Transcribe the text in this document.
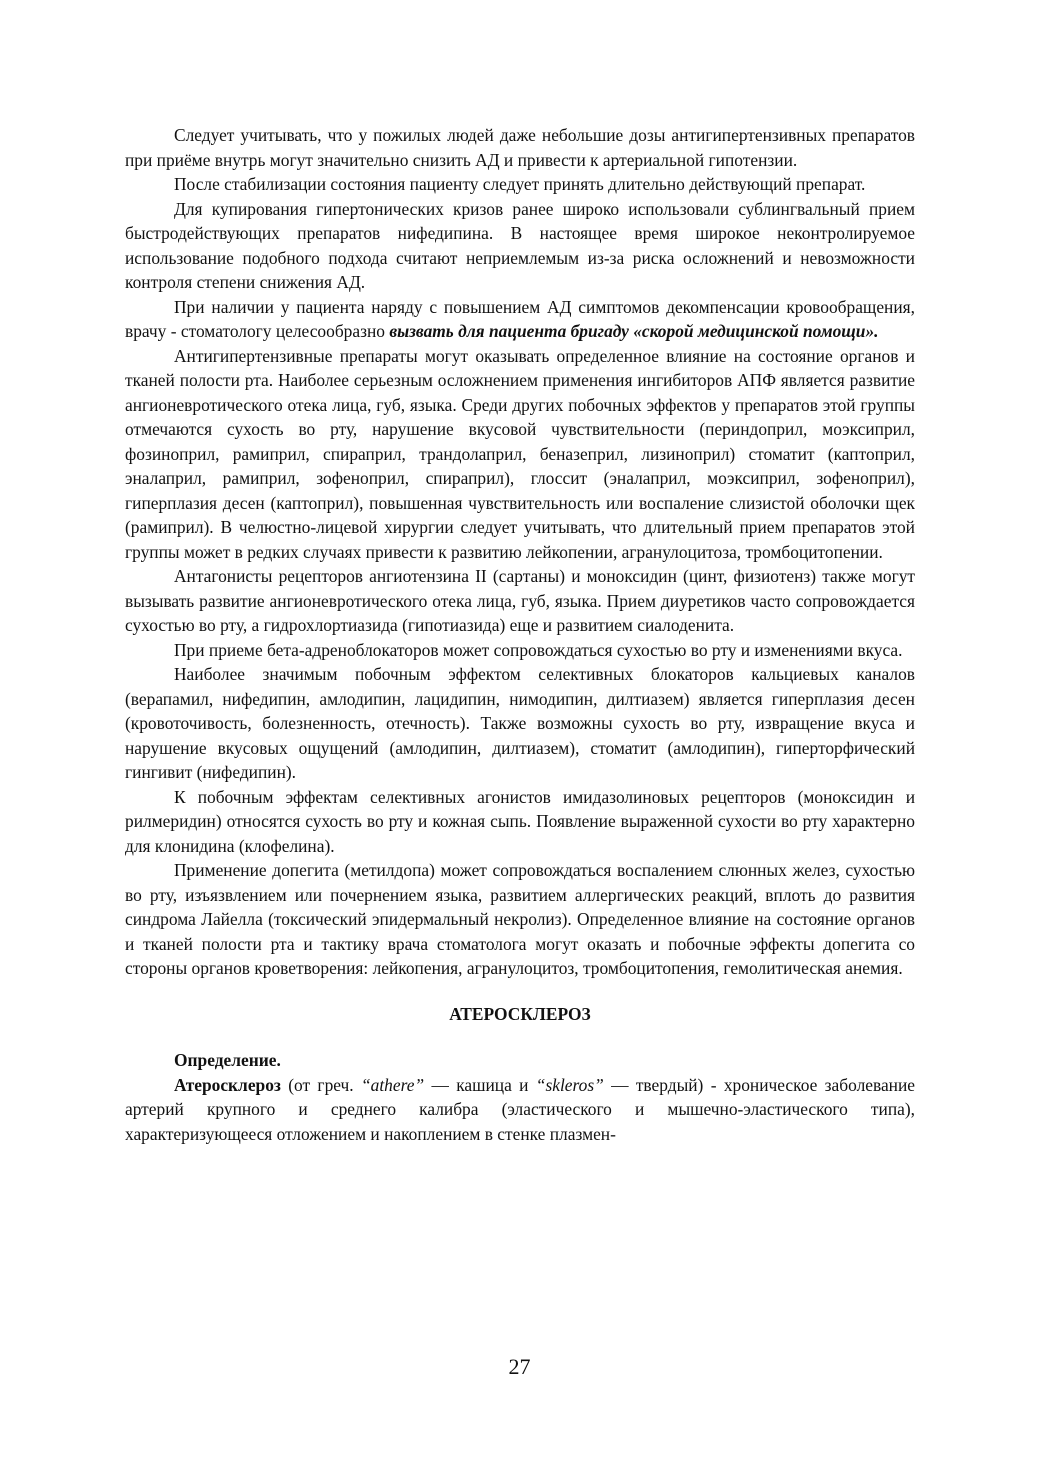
Следует учитывать, что у пожилых людей даже небольшие дозы антигипертензивных препаратов при приёме внутрь могут значительно снизить АД и привести к артериальной гипотензии.

После стабилизации состояния пациенту следует принять длительно действующий препарат.

Для купирования гипертонических кризов ранее широко использовали сублингвальный прием быстродействующих препаратов нифедипина. В настоящее время широкое неконтролируемое использование подобного подхода считают неприемлемым из-за риска осложнений и невозможности контроля степени снижения АД.

При наличии у пациента наряду с повышением АД симптомов декомпенсации кровообращения, врачу - стоматологу целесообразно вызвать для пациента бригаду «скорой медицинской помощи».

Антигипертензивные препараты могут оказывать определенное влияние на состояние органов и тканей полости рта. Наиболее серьезным осложнением применения ингибиторов АПФ является развитие ангионевротического отека лица, губ, языка. Среди других побочных эффектов у препаратов этой группы отмечаются сухость во рту, нарушение вкусовой чувствительности (периндоприл, моэксиприл, фозиноприл, рамиприл, спираприл, трандолаприл, беназеприл, лизиноприл) стоматит (каптоприл, эналаприл, рамиприл, зофеноприл, спираприл), глоссит (эналаприл, моэксиприл, зофеноприл), гиперплазия десен (каптоприл), повышенная чувствительность или воспаление слизистой оболочки щек (рамиприл). В челюстно-лицевой хирургии следует учитывать, что длительный прием препаратов этой группы может в редких случаях привести к развитию лейкопении, агранулоцитоза, тромбоцитопении.

Антагонисты рецепторов ангиотензина II (сартаны) и моноксидин (цинт, физиотенз) также могут вызывать развитие ангионевротического отека лица, губ, языка. Прием диуретиков часто сопровождается сухостью во рту, а гидрохлортиазида (гипотиазида) еще и развитием сиалоденита.

При приеме бета-адреноблокаторов может сопровождаться сухостью во рту и изменениями вкуса.

Наиболее значимым побочным эффектом селективных блокаторов кальциевых каналов (верапамил, нифедипин, амлодипин, лацидипин, нимодипин, дилтиазем) является гиперплазия десен (кровоточивость, болезненность, отечность). Также возможны сухость во рту, извращение вкуса и нарушение вкусовых ощущений (амлодипин, дилтиазем), стоматит (амлодипин), гиперторфический гингивит (нифедипин).

К побочным эффектам селективных агонистов имидазолиновых рецепторов (моноксидин и рилмеридин) относятся сухость во рту и кожная сыпь. Появление выраженной сухости во рту характерно для клонидина (клофелина).

Применение допегита (метилдопа) может сопровождаться воспалением слюнных желез, сухостью во рту, изъязвлением или почернением языка, развитием аллергических реакций, вплоть до развития синдрома Лайелла (токсический эпидермальный некролиз). Определенное влияние на состояние органов и тканей полости рта и тактику врача стоматолога могут оказать и побочные эффекты допегита со стороны органов кроветворения: лейкопения, агранулоцитоз, тромбоцитопения, гемолитическая анемия.

АТЕРОСКЛЕРОЗ

Определение.

Атеросклероз (от греч. “athere” — кашица и “skleros” — твердый) - хроническое заболевание артерий крупного и среднего калибра (эластического и мышечно-эластического типа), характеризующееся отложением и накоплением в стенке плазмен-

27
